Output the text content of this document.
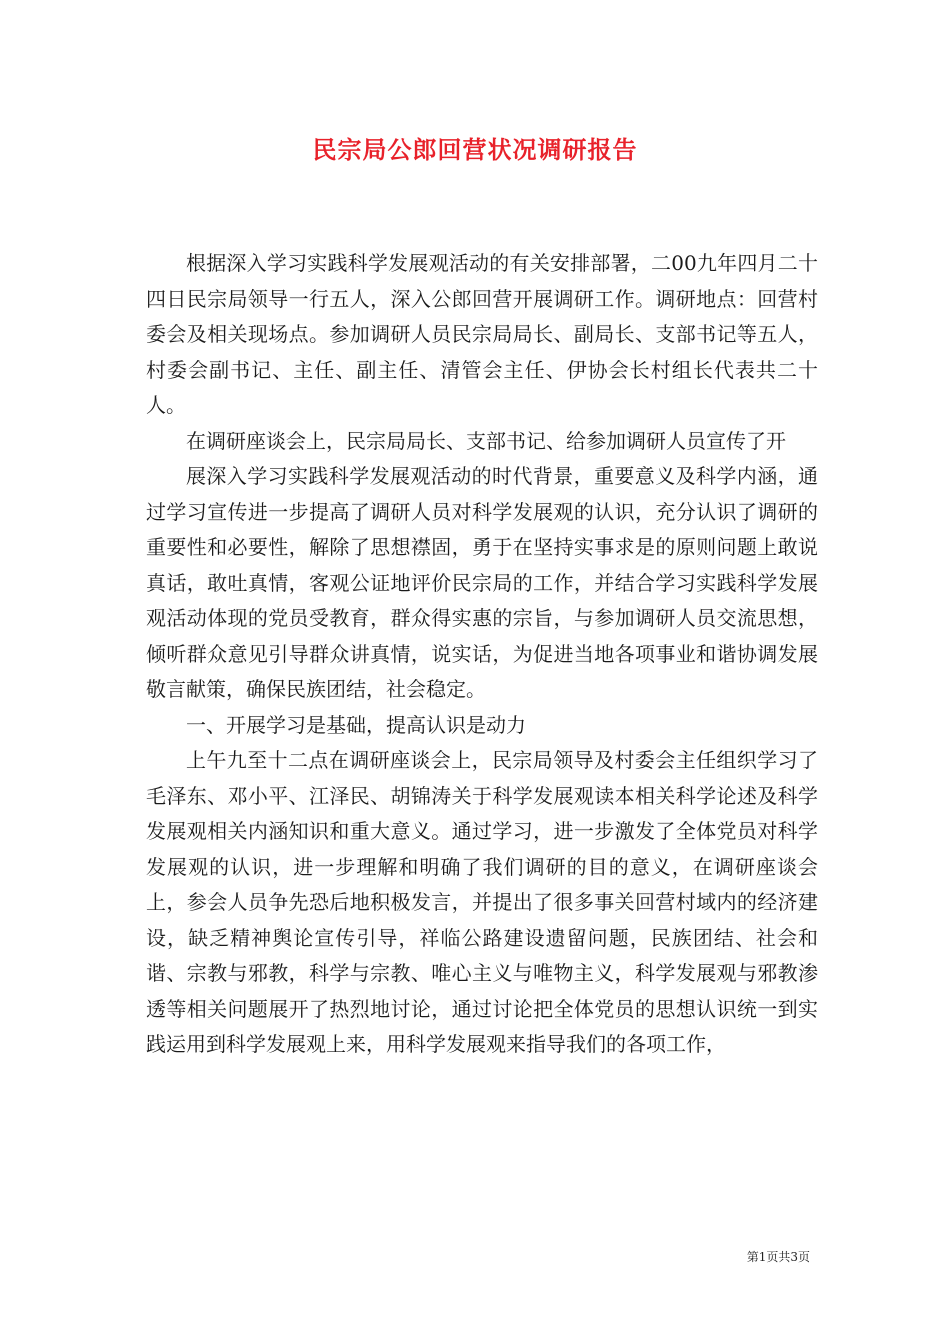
民宗局公郎回营状况调研报告

根据深入学习实践科学发展观活动的有关安排部署，二00九年四月二十四日民宗局领导一行五人，深入公郎回营开展调研工作。调研地点：回营村委会及相关现场点。参加调研人员民宗局局长、副局长、支部书记等五人，村委会副书记、主任、副主任、清管会主任、伊协会长村组长代表共二十人。

在调研座谈会上，民宗局局长、支部书记、给参加调研人员宣传了开

展深入学习实践科学发展观活动的时代背景，重要意义及科学内涵，通过学习宣传进一步提高了调研人员对科学发展观的认识，充分认识了调研的重要性和必要性，解除了思想襟固，勇于在坚持实事求是的原则问题上敢说真话，敢吐真情，客观公证地评价民宗局的工作，并结合学习实践科学发展观活动体现的党员受教育，群众得实惠的宗旨，与参加调研人员交流思想，倾听群众意见引导群众讲真情，说实话，为促进当地各项事业和谐协调发展敬言献策，确保民族团结，社会稳定。

一、开展学习是基础，提高认识是动力

上午九至十二点在调研座谈会上，民宗局领导及村委会主任组织学习了毛泽东、邓小平、江泽民、胡锦涛关于科学发展观读本相关科学论述及科学发展观相关内涵知识和重大意义。通过学习，进一步激发了全体党员对科学发展观的认识，进一步理解和明确了我们调研的目的意义，在调研座谈会上，参会人员争先恐后地积极发言，并提出了很多事关回营村域内的经济建设，缺乏精神舆论宣传引导，祥临公路建设遗留问题，民族团结、社会和谐、宗教与邪教，科学与宗教、唯心主义与唯物主义，科学发展观与邪教渗透等相关问题展开了热烈地讨论，通过讨论把全体党员的思想认识统一到实践运用到科学发展观上来，用科学发展观来指导我们的各项工作，

第1页共3页
